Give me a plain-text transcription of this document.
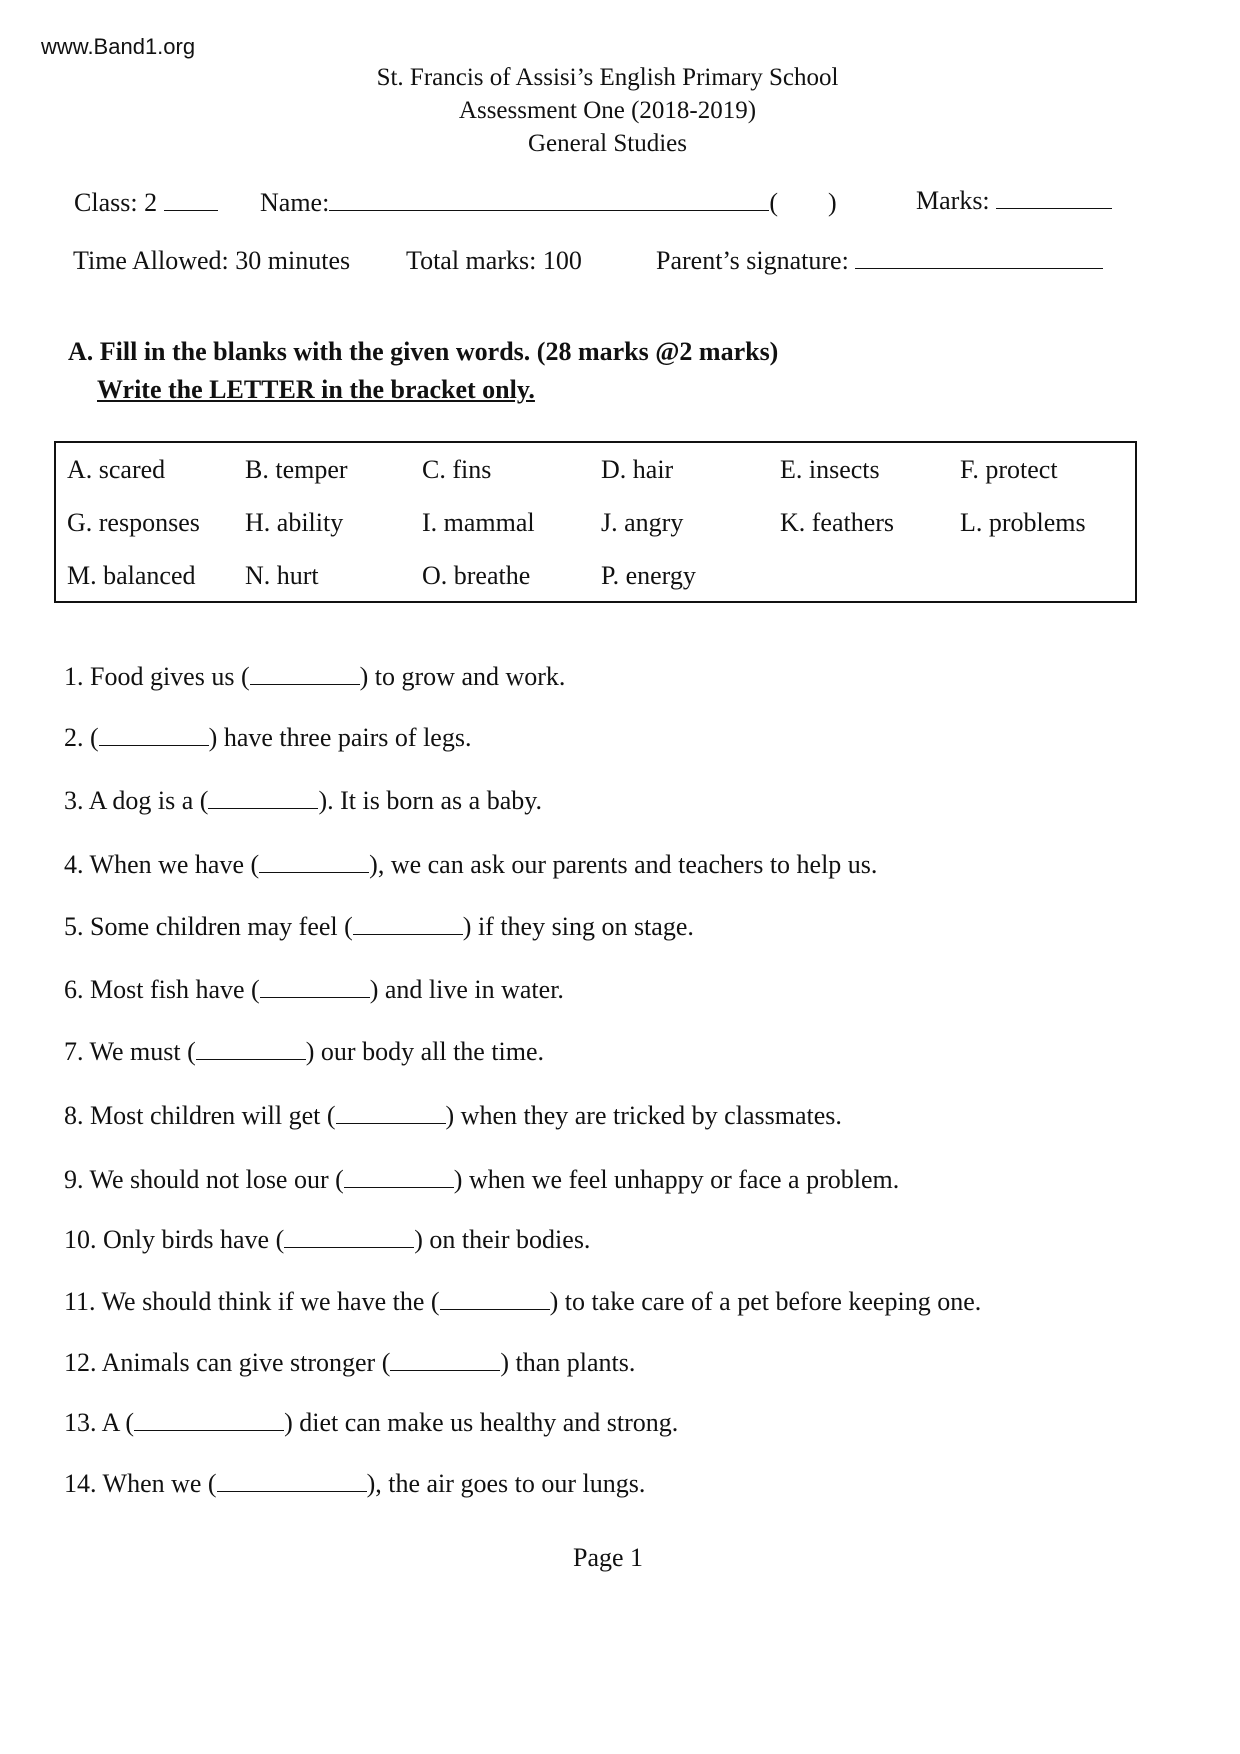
www.Band1.org
St. Francis of Assisi’s English Primary School
Assessment One (2018-2019)
General Studies
Class: 2	Name:	( )	Marks:
Time Allowed: 30 minutes Total marks: 100	Parent’s signature:
A. Fill in the blanks with the given words. (28 marks @2 marks)
Write the LETTER in the bracket only.
A. scared	B. temper	C. fins	D. hair	E. insects	F. protect
G. responses H. ability	I. mammal	J. angry	K. feathers	L. problems
M. balanced N. hurt	O. breathe	P. energy
1. Food gives us (	) to grow and work.
2. (	) have three pairs of legs.
3. A dog is a (	). It is born as a baby.
4. When we have (	), we can ask our parents and teachers to help us.
5. Some children may feel (	) if they sing on stage.
6. Most fish have (	) and live in water.
7. We must (	) our body all the time.
8. Most children will get (	) when they are tricked by classmates.
9. We should not lose our (	) when we feel unhappy or face a problem.
10. Only birds have (	) on their bodies.
11. We should think if we have the (	) to take care of a pet before keeping one.
12. Animals can give stronger (	) than plants.
13. A (	) diet can make us healthy and strong.
14. When we (	), the air goes to our lungs.
Page 1
